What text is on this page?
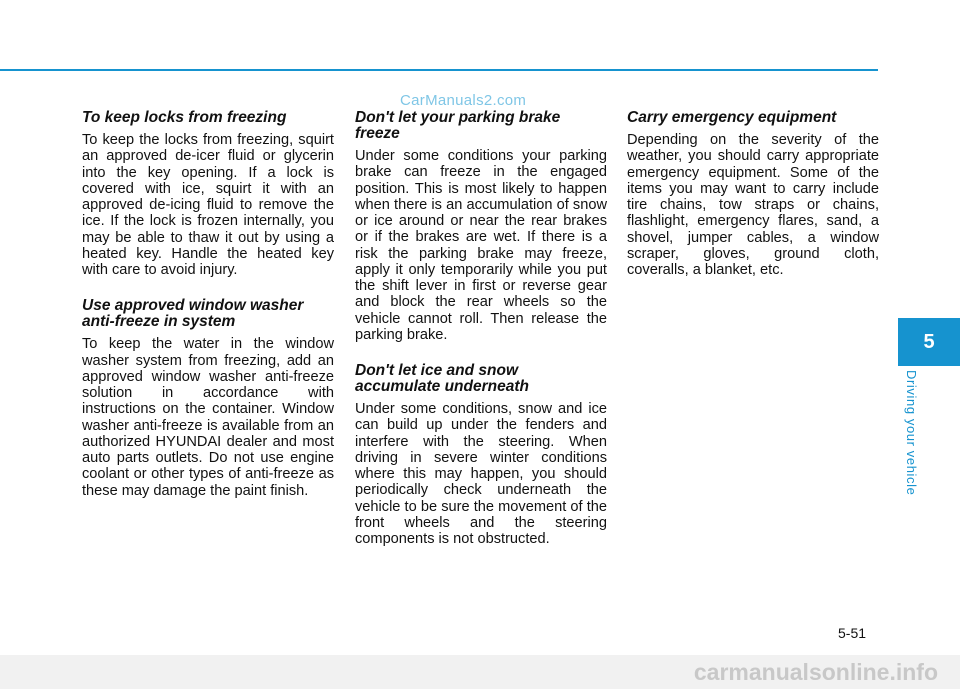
CarManuals2.com
To keep locks from freezing

To keep the locks from freezing, squirt an approved de-icer fluid or glycerin into the key opening. If a lock is covered with ice, squirt it with an approved de-icing fluid to remove the ice. If the lock is frozen internally, you may be able to thaw it out by using a heated key. Handle the heated key with care to avoid injury.

Use approved window washer anti-freeze in system

To keep the water in the window washer system from freezing, add an approved window washer anti-freeze solution in accordance with instructions on the container. Window washer anti-freeze is available from an authorized HYUNDAI dealer and most auto parts outlets. Do not use engine coolant or other types of anti-freeze as these may damage the paint finish.

Don't let your parking brake freeze

Under some conditions your parking brake can freeze in the engaged position. This is most likely to happen when there is an accumulation of snow or ice around or near the rear brakes or if the brakes are wet. If there is a risk the parking brake may freeze, apply it only temporarily while you put the shift lever in first or reverse gear and block the rear wheels so the vehicle cannot roll. Then release the parking brake.

Don't let ice and snow accumulate underneath

Under some conditions, snow and ice can build up under the fenders and interfere with the steering. When driving in severe winter conditions where this may happen, you should periodically check underneath the vehicle to be sure the movement of the front wheels and the steering components is not obstructed.

Carry emergency equipment

Depending on the severity of the weather, you should carry appropriate emergency equipment. Some of the items you may want to carry include tire chains, tow straps or chains, flashlight, emergency flares, sand, a shovel, jumper cables, a window scraper, gloves, ground cloth, coveralls, a blanket, etc.

5
Driving your vehicle
5-51
carmanualsonline.info
